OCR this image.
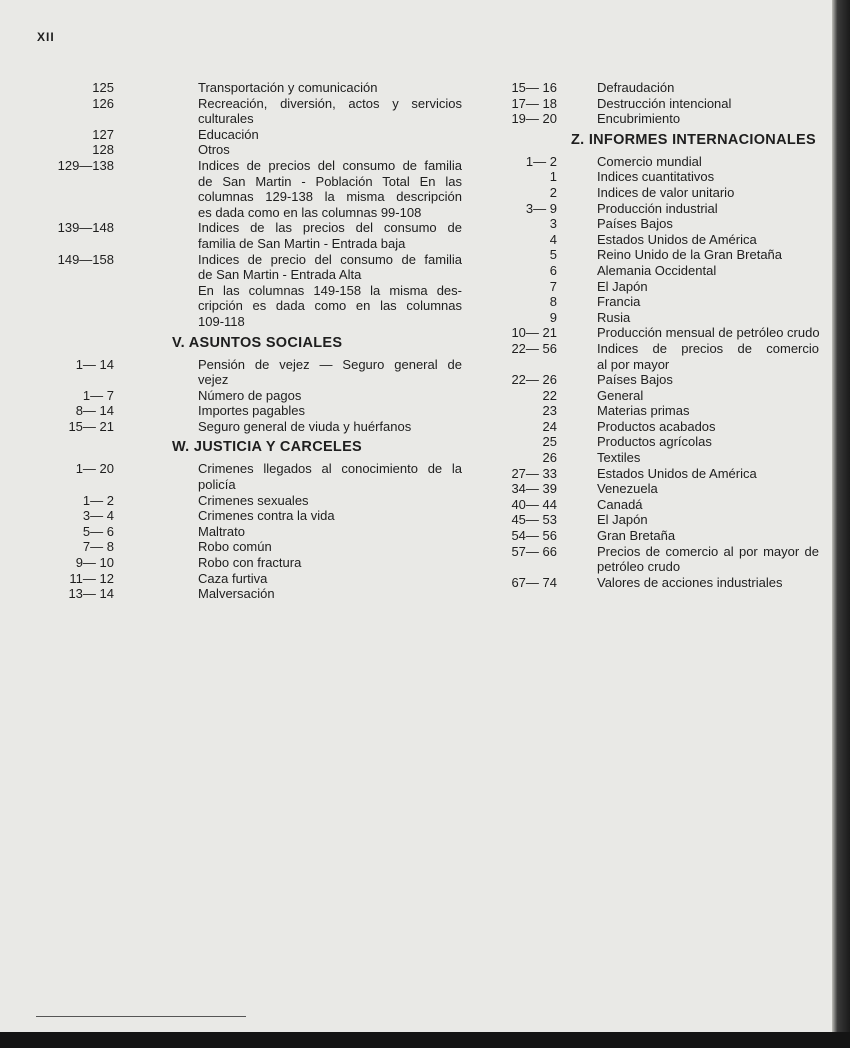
XII
125	Transportación y comunicación
126	Recreación, diversión, actos y servicios
culturales
127	Educación
128	Otros
129—138	Indices de precios del consumo de familia
de San Martin - Población Total En las
columnas 129-138 la misma descripción
es dada como en las columnas 99-108
139—148	Indices de las precios del consumo de
familia de San Martin - Entrada baja
149—158	Indices de precio del consumo de familia
de San Martin - Entrada Alta
En las columnas 149-158 la misma des-
cripción es dada como en las columnas
109-118
V. ASUNTOS SOCIALES
1— 14	Pensión de vejez — Seguro general de
vejez
1— 7	Número de pagos
8— 14	Importes pagables
15— 21	Seguro general de viuda y huérfanos
W. JUSTICIA Y CARCELES
1— 20	Crimenes llegados al conocimiento de la
policía
1— 2	Crimenes sexuales
3— 4	Crimenes contra la vida
5— 6	Maltrato
7— 8	Robo común
9— 10	Robo con fractura
11— 12	Caza furtiva
13— 14	Malversación
15— 16	Defraudación
17— 18	Destrucción intencional
19— 20	Encubrimiento
Z. INFORMES INTERNACIONALES
1— 2	Comercio mundial
1	Indices cuantitativos
2	Indices de valor unitario
3— 9	Producción industrial
3	Países Bajos
4	Estados Unidos de América
5	Reino Unido de la Gran Bretaña
6	Alemania Occidental
7	El Japón
8	Francia
9	Rusia
10— 21	Producción mensual de petróleo crudo
22— 56	Indices de precios de comercio
al por mayor
22— 26	Países Bajos
22	General
23	Materias primas
24	Productos acabados
25	Productos agrícolas
26	Textiles
27— 33	Estados Unidos de América
34— 39	Venezuela
40— 44	Canadá
45— 53	El Japón
54— 56	Gran Bretaña
57— 66	Precios de comercio al por mayor de
petróleo crudo
67— 74	Valores de acciones industriales
